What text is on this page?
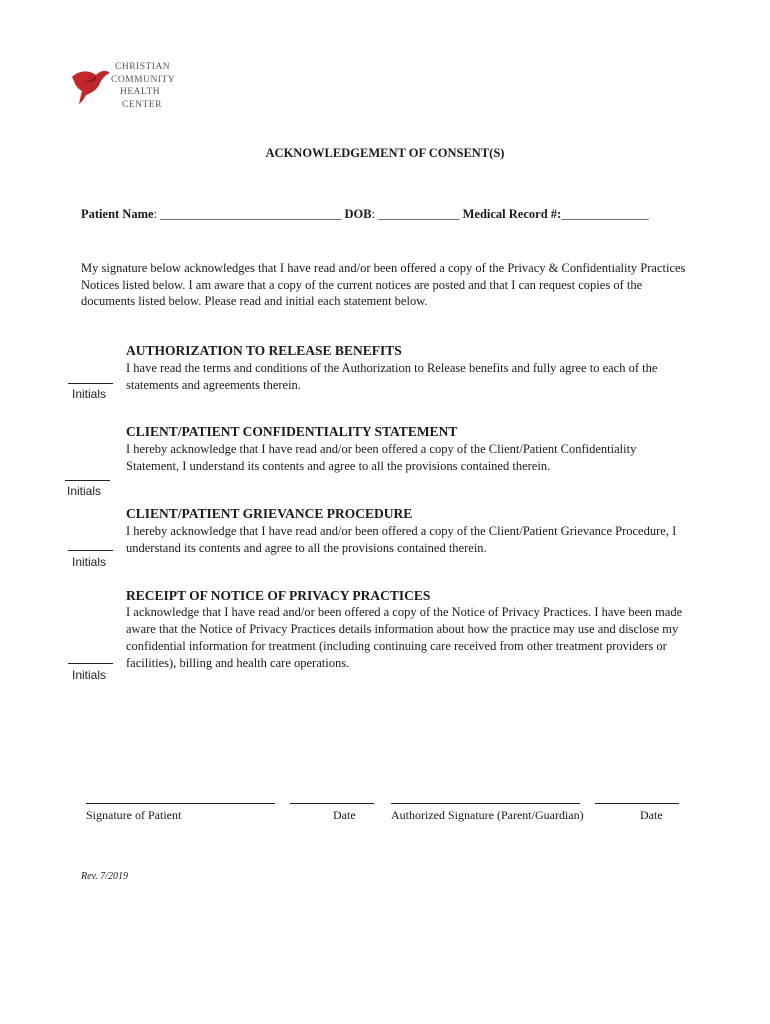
CHRISTIAN
COMMUNITY
HEALTH
CENTER
ACKNOWLEDGEMENT OF CONSENT(S)
Patient Name: _____________________________ DOB: _____________ Medical Record #:______________
My signature below acknowledges that I have read and/or been offered a copy of the Privacy & Confidentiality Practices Notices listed below. I am aware that a copy of the current notices are posted and that I can request copies of the documents listed below. Please read and initial each statement below.
AUTHORIZATION TO RELEASE BENEFITS
I have read the terms and conditions of the Authorization to Release benefits and fully agree to each of the statements and agreements therein.
Initials
CLIENT/PATIENT CONFIDENTIALITY STATEMENT
I hereby acknowledge that I have read and/or been offered a copy of the Client/Patient Confidentiality Statement, I understand its contents and agree to all the provisions contained therein.
Initials
CLIENT/PATIENT GRIEVANCE PROCEDURE
I hereby acknowledge that I have read and/or been offered a copy of the Client/Patient Grievance Procedure, I understand its contents and agree to all the provisions contained therein.
Initials
RECEIPT OF NOTICE OF PRIVACY PRACTICES
I acknowledge that I have read and/or been offered a copy of the Notice of Privacy Practices. I have been made aware that the Notice of Privacy Practices details information about how the practice may use and disclose my confidential information for treatment (including continuing care received from other treatment providers or facilities), billing and health care operations.
Initials
Signature of Patient	Date	Authorized Signature (Parent/Guardian)	Date
Rev. 7/2019
